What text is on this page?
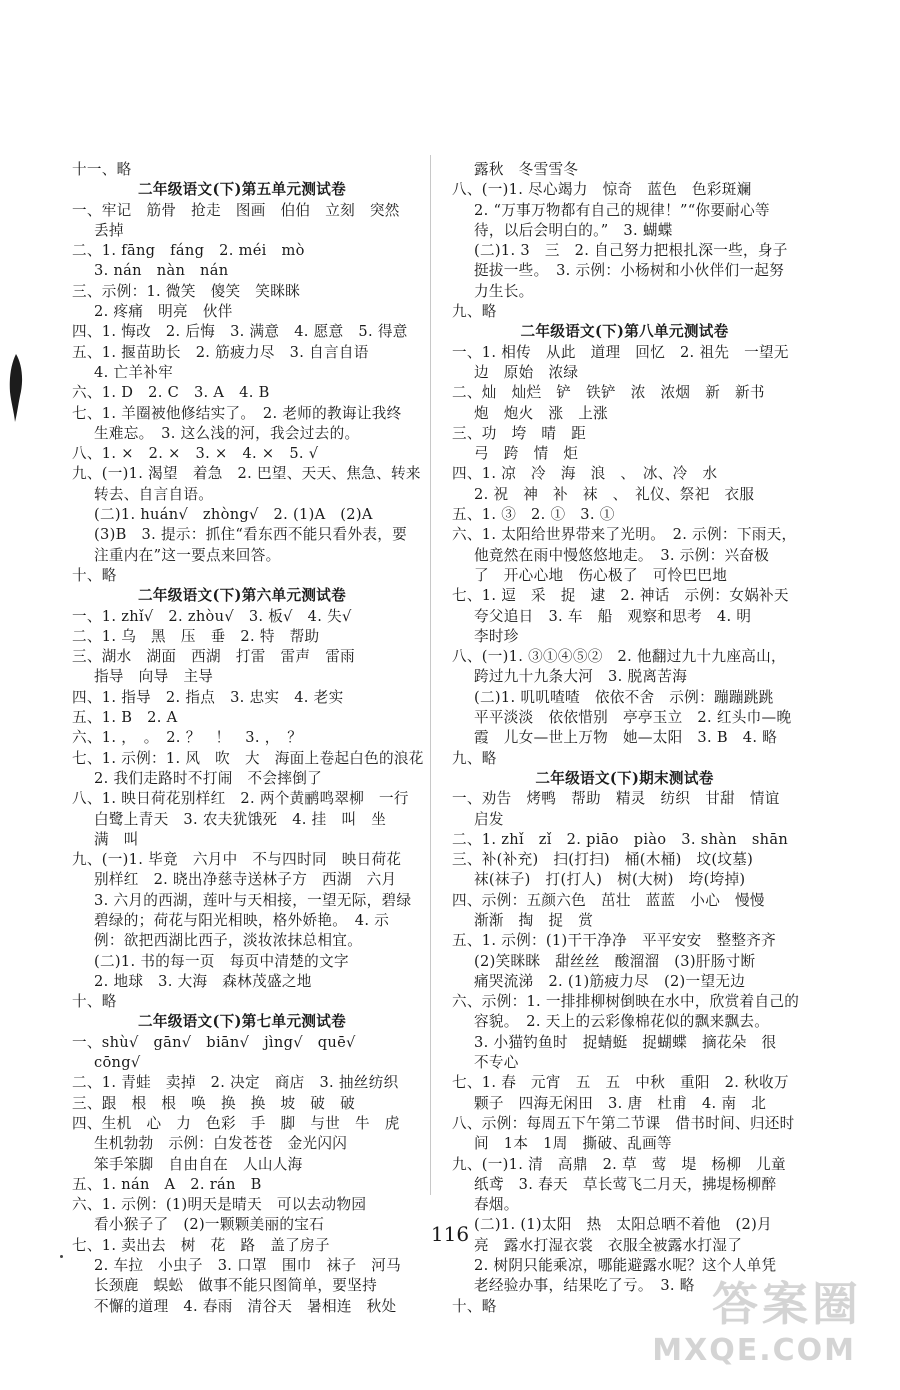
十一、略
二年级语文(下)第五单元测试卷
一、牢记　筋骨　抢走　图画　伯伯　立刻　突然
丢掉
二、1. fāng　fáng　2. méi　mò
3. nán　nàn　nán
三、示例：1. 微笑　傻笑　笑眯眯
2. 疼痛　明亮　伙伴
四、1. 悔改　2. 后悔　3. 满意　4. 愿意　5. 得意
五、1. 揠苗助长　2. 筋疲力尽　3. 自言自语
4. 亡羊补牢
六、1. D　2. C　3. A　4. B
七、1. 羊圈被他修结实了。　2. 老师的教诲让我终
生难忘。　3. 这么浅的河，我会过去的。
八、1. ×　2. ×　3. ×　4. ×　5. √
九、(一)1. 渴望　着急　2. 巴望、天天、焦急、转来
转去、自言自语。
(二)1. huán√　zhòng√　2. (1)A　(2)A
(3)B　3. 提示：抓住“看东西不能只看外表，要
注重内在”这一要点来回答。
十、略
二年级语文(下)第六单元测试卷
一、1. zhǐ√　2. zhòu√　3. 板√　4. 失√
二、1. 乌　黑　压　垂　2. 特　帮助
三、湖水　湖面　西湖　打雷　雷声　雷雨
指导　向导　主导
四、1. 指导　2. 指点　3. 忠实　4. 老实
五、1. B　2. A
六、1. ，　。　2. ？　！　3. ，　？
七、1. 示例：1. 风　吹　大　海面上卷起白色的浪花
2. 我们走路时不打闹　不会摔倒了
八、1. 映日荷花别样红　2. 两个黄鹂鸣翠柳　一行
白鹭上青天　3. 农夫犹饿死　4. 挂　叫　坐
满　叫
九、(一)1. 毕竟　六月中　不与四时同　映日荷花
别样红　2. 晓出净慈寺送林子方　西湖　六月
3. 六月的西湖，莲叶与天相接，一望无际，碧绿
碧绿的；荷花与阳光相映，格外娇艳。　4. 示
例：欲把西湖比西子，淡妆浓抹总相宜。
(二)1. 书的每一页　每页中清楚的文字
2. 地球　3. 大海　森林茂盛之地
十、略
二年级语文(下)第七单元测试卷
一、shù√　gān√　biān√　jìng√　quē√
cōng√
二、1. 青蛙　卖掉　2. 决定　商店　3. 抽丝纺织
三、跟　根　根　唤　换　换　坡　破　破
四、生机　心　力　色彩　手　脚　与世　牛　虎
生机勃勃　示例：白发苍苍　金光闪闪
笨手笨脚　自由自在　人山人海
五、1. nán　A　2. rán　B
六、1. 示例：(1)明天是晴天　可以去动物园
看小猴子了　(2)一颗颗美丽的宝石
七、1. 卖出去　树　花　路　盖了房子
2. 车拉　小虫子　3. 口罩　围巾　袜子　河马
长颈鹿　蜈蚣　做事不能只图简单，要坚持
不懈的道理　4. 春雨　清谷天　暑相连　秋处
露秋　冬雪雪冬
八、(一)1. 尽心竭力　惊奇　蓝色　色彩斑斓
2. “万事万物都有自己的规律！”“你要耐心等
待，以后会明白的。”　3. 蝴蝶
(二)1. 3　三　2. 自己努力把根扎深一些，身子
挺拔一些。　3. 示例：小杨树和小伙伴们一起努
力生长。
九、略
二年级语文(下)第八单元测试卷
一、1. 相传　从此　道理　回忆　2. 祖先　一望无
边　原始　浓绿
二、灿　灿烂　铲　铁铲　浓　浓烟　新　新书
炮　炮火　涨　上涨
三、功　垮　晴　距
弓　跨　情　炬
四、1. 凉　冷　海　浪　、　冰、冷　水
2. 祝　神　补　袜　、　礼仪、祭祀　衣服
五、1. ③　2. ①　3. ①
六、1. 太阳给世界带来了光明。　2. 示例：下雨天，
他竟然在雨中慢悠悠地走。　3. 示例：兴奋极
了　开心心地　伤心极了　可怜巴巴地
七、1. 逗　采　捉　逮　2. 神话　示例：女娲补天
夸父追日　3. 车　船　观察和思考　4. 明
李时珍
八、(一)1. ③①④⑤②　2. 他翻过九十九座高山，
跨过九十九条大河　3. 脱离苦海
(二)1. 叽叽喳喳　依依不舍　示例：蹦蹦跳跳
平平淡淡　依依惜别　亭亭玉立　2. 红头巾—晚
霞　儿女—世上万物　她—太阳　3. B　4. 略
九、略
二年级语文(下)期末测试卷
一、劝告　烤鸭　帮助　精灵　纺织　甘甜　情谊
启发
二、1. zhǐ　zǐ　2. piāo　piào　3. shàn　shān
三、补(补充)　扫(打扫)　桶(木桶)　坟(坟墓)
袜(袜子)　打(打人)　树(大树)　垮(垮掉)
四、示例：五颜六色　茁壮　蓝蓝　小心　慢慢
渐渐　掏　捉　赏
五、1. 示例：(1)干干净净　平平安安　整整齐齐
(2)笑眯眯　甜丝丝　酸溜溜　(3)肝肠寸断
痛哭流涕　2. (1)筋疲力尽　(2)一望无边
六、示例：1. 一排排柳树倒映在水中，欣赏着自己的
容貌。　2. 天上的云彩像棉花似的飘来飘去。
3. 小猫钓鱼时　捉蜻蜓　捉蝴蝶　摘花朵　很
不专心
七、1. 春　元宵　五　五　中秋　重阳　2. 秋收万
颗子　四海无闲田　3. 唐　杜甫　4. 南　北
八、示例：每周五下午第二节课　借书时间、归还时
间　1本　1周　撕破、乱画等
九、(一)1. 清　高鼎　2. 草　莺　堤　杨柳　儿童
纸鸢　3. 春天　草长莺飞二月天，拂堤杨柳醉
春烟。
(二)1. (1)太阳　热　太阳总晒不着他　(2)月
亮　露水打湿衣裳　衣服全被露水打湿了
2. 树阴只能乘凉，哪能避露水呢？这个人单凭
老经验办事，结果吃了亏。　3. 略
十、略
116
答案圈
MXQE.COM
